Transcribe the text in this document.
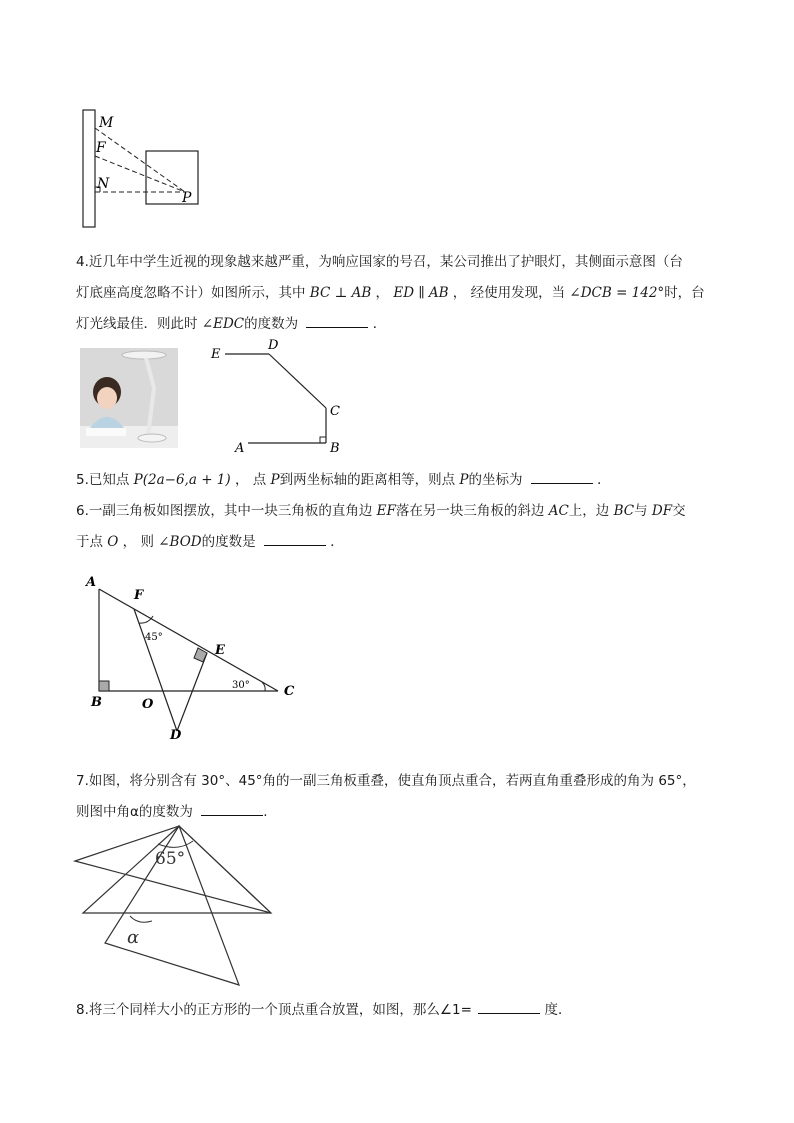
M
F
N
P
4.近几年中学生近视的现象越来越严重，为响应国家的号召，某公司推出了护眼灯，其侧面示意图（台
灯底座高度忽略不计）如图所示，其中 BC ⊥ AB ， ED ∥ AB ， 经使用发现，当 ∠DCB = 142°时，台
灯光线最佳．则此时 ∠EDC的度数为	．
E
D
C
A	B
5.已知点 P(2a−6,a + 1) ， 点 P到两坐标轴的距离相等，则点 P的坐标为	．
6.一副三角板如图摆放，其中一块三角板的直角边 EF落在另一块三角板的斜边 AC上，边 BC与 DF交
于点 O ， 则 ∠BOD的度数是	．
A
F
E
B	O
C
D
45°
30°
7.如图，将分别含有 30°、45°角的一副三角板重叠，使直角顶点重合，若两直角重叠形成的角为 65°，
则图中角α的度数为	.
65°
α
8.将三个同样大小的正方形的一个顶点重合放置，如图，那么∠1=	度．
